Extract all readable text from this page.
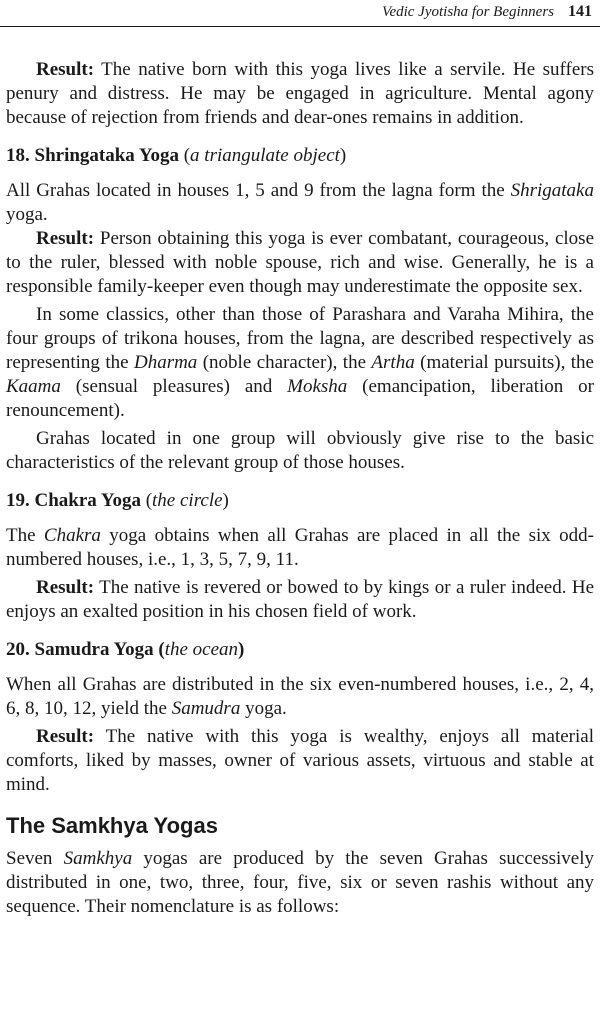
Vedic Jyotisha for Beginners 141

Result: The native born with this yoga lives like a servile. He suffers penury and distress. He may be engaged in agriculture. Mental agony because of rejection from friends and dear-ones remains in addition.

18. Shringataka Yoga (a triangulate object)

All Grahas located in houses 1, 5 and 9 from the lagna form the Shrigataka yoga.

Result: Person obtaining this yoga is ever combatant, courageous, close to the ruler, blessed with noble spouse, rich and wise. Generally, he is a responsible family-keeper even though may underestimate the opposite sex.

In some classics, other than those of Parashara and Varaha Mihira, the four groups of trikona houses, from the lagna, are described respectively as representing the Dharma (noble character), the Artha (material pursuits), the Kaama (sensual pleasures) and Moksha (emancipation, liberation or renouncement).

Grahas located in one group will obviously give rise to the basic characteristics of the relevant group of those houses.

19. Chakra Yoga (the circle)

The Chakra yoga obtains when all Grahas are placed in all the six odd-numbered houses, i.e., 1, 3, 5, 7, 9, 11.

Result: The native is revered or bowed to by kings or a ruler indeed. He enjoys an exalted position in his chosen field of work.

20. Samudra Yoga (the ocean)

When all Grahas are distributed in the six even-numbered houses, i.e., 2, 4, 6, 8, 10, 12, yield the Samudra yoga.

Result: The native with this yoga is wealthy, enjoys all material comforts, liked by masses, owner of various assets, virtuous and stable at mind.

The Samkhya Yogas

Seven Samkhya yogas are produced by the seven Grahas successively distributed in one, two, three, four, five, six or seven rashis without any sequence. Their nomenclature is as follows:
